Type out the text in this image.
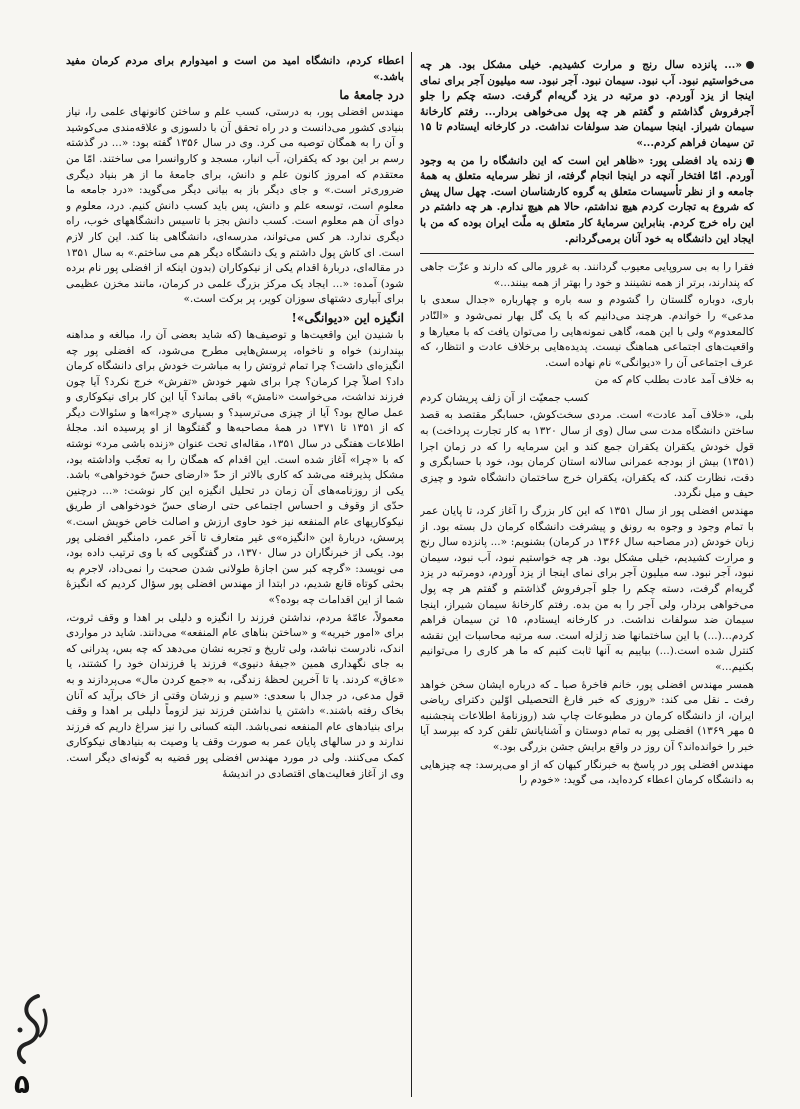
«... پانزده سال رنج و مرارت کشیدیم. خیلی مشکل بود. هر چه می‌خواستیم نبود. آب نبود. سیمان نبود. آجر نبود. سه میلیون آجر برای نمای اینجا از یزد آوردم. دو مرتبه در یزد گریه‌ام گرفت. دسته چکم را جلو آجرفروش گذاشتم و گفتم هر چه پول می‌خواهی بردار... رفتم کارخانهٔ سیمان شیراز. اینجا سیمان ضد سولفات نداشت. در کارخانه ایستادم تا ۱۵ تن سیمان فراهم کردم...»

زنده یاد افضلی پور: «ظاهر این است که این دانشگاه را من به وجود آوردم. امّا افتخار آنچه در اینجا انجام گرفته، از نظر سرمایه متعلق به همهٔ جامعه و از نظر تأسیسات متعلق به گروه کارشناسان است. چهل سال پیش که شروع به تجارت کردم هیچ نداشتم، حالا هم هیچ ندارم. هر چه داشتم در این راه خرج کردم. بنابراین سرمایهٔ کار متعلق به ملّت ایران بوده که من با ایجاد این دانشگاه به خود آنان برمی‌گردانم.

فقرا را به بی سروپایی معیوب گردانند. به غرور مالی که دارند و عزّت جاهی که پندارند، برتر از همه نشینند و خود را بهتر از همه بینند...»

باری، دوباره گلستان را گشودم و سه باره و چهارباره «جدال سعدی با مدعی» را خواندم. هرچند می‌دانیم که با یک گل بهار نمی‌شود و «النّادر کالمعدوم» ولی با این همه، گاهی نمونه‌هایی را می‌توان یافت که با معیارها و واقعیت‌های اجتماعی هماهنگ نیست. پدیده‌هایی برخلاف عادت و انتظار، که عرف اجتماعی آن را «دیوانگی» نام نهاده است.

به خلاف آمد عادت بطلب کام که من

کسب جمعیّت از آن زلف پریشان کردم

بلی، «خلاف آمد عادت» است. مردی سخت‌کوش، حسابگر مقتصد به قصد ساختن دانشگاه مدت سی سال (وی از سال ۱۳۲۰ به کار تجارت پرداخت) به قول خودش یکقران یکقران جمع کند و این سرمایه را که در زمان اجرا (۱۳۵۱) بیش از بودجه عمرانی سالانه استان کرمان بود، خود با حسابگری و دقت، نظارت کند، که یکقران، یکقران خرج ساختمان دانشگاه شود و چیزی حیف و میل نگردد.

مهندس افضلی پور از سال ۱۳۵۱ که این کار بزرگ را آغاز کرد، تا پایان عمر با تمام وجود و وجوه به رونق و پیشرفت دانشگاه کرمان دل بسته بود. از زبان خودش (در مصاحبه سال ۱۳۶۶ در کرمان) بشنویم: «... پانزده سال رنج و مرارت کشیدیم، خیلی مشکل بود. هر چه خواستیم نبود، آب نبود، سیمان نبود، آجر نبود. سه میلیون آجر برای نمای اینجا از یزد آوردم، دومرتبه در یزد گریه‌ام گرفت، دسته چکم را جلو آجرفروش گذاشتم و گفتم هر چه پول می‌خواهی بردار، ولی آجر را به من بده. رفتم کارخانهٔ سیمان شیراز، اینجا سیمان ضد سولفات نداشت. در کارخانه ایستادم، ۱۵ تن سیمان فراهم کردم...(...) با این ساختمانها ضد زلزله است. سه مرتبه محاسبات این نقشه کنترل شده است.(...) بیاییم به آنها ثابت کنیم که ما هر کاری را می‌توانیم بکنیم...»

همسر مهندس افضلی پور، خانم فاخرهٔ صبا ـ که درباره ایشان سخن خواهد رفت ـ نقل می کند: «روزی که خبر فارغ التحصیلی اوّلین دکترای ریاضی ایران، از دانشگاه کرمان در مطبوعات چاپ شد (روزنامهٔ اطلاعات پنجشنبه ۵ مهر ۱۳۶۹) افضلی پور به تمام دوستان و آشنایانش تلفن کرد که بپرسد آیا خبر را خوانده‌اند؟ آن روز در واقع برایش جشن بزرگی بود.»

مهندس افضلی پور در پاسخ به خبرنگار کیهان که از او می‌پرسد: چه چیزهایی به دانشگاه کرمان اعطاء کرده‌اید، می گوید: «خودم را

اعطاء کردم، دانشگاه امید من است و امیدوارم برای مردم کرمان مفید باشد.»

درد جامعهٔ ما

مهندس افضلی پور، به درستی، کسب علم و ساختن کانونهای علمی را، نیاز بنیادی کشور می‌دانست و در راه تحقق آن با دلسوزی و علاقه‌مندی می‌کوشید و آن را به همگان توصیه می کرد. وی در سال ۱۳۵۶ گفته بود: «... در گذشته رسم بر این بود که یکقران، آب انبار، مسجد و کاروانسرا می ساختند. امّا من معتقدم که امروز کانون علم و دانش، برای جامعهٔ ما از هر بنیاد دیگری ضروری‌تر است.» و جای دیگر باز به بیانی دیگر می‌گوید: «درد جامعه ما معلوم است، توسعه علم و دانش، پس باید کسب دانش کنیم. درد، معلوم و دوای آن هم معلوم است. کسب دانش بجز با تاسیس دانشگاههای خوب، راه دیگری ندارد. هر کس می‌تواند، مدرسه‌ای، دانشگاهی بنا کند. این کار لازم است. ای کاش پول داشتم و یک دانشگاه دیگر هم می ساختم.» به سال ۱۳۵۱ در مقاله‌ای، دربارهٔ اقدام یکی از نیکوکاران (بدون اینکه از افضلی پور نام برده شود) آمده: «... ایجاد یک مرکز بزرگ علمی در کرمان، مانند مخزن عظیمی برای آبیاری دشتهای سوزان کویر، پر برکت است.»

انگیزه این «دیوانگی»!

با شنیدن این واقعیت‌ها و توصیف‌ها (که شاید بعضی آن را، مبالغه و مداهنه بپندارند) خواه و ناخواه، پرسش‌هایی مطرح می‌شود، که افضلی پور چه انگیزه‌ای داشت؟ چرا تمام ثروتش را به مباشرت خودش برای دانشگاه کرمان داد؟ اصلاً چرا کرمان؟ چرا برای شهر خودش «تفرش» خرج نکرد؟ آیا چون فرزند نداشت، می‌خواست «نامش» باقی بماند؟ آیا این کار برای نیکوکاری و عمل صالح بود؟ آیا از چیزی می‌ترسید؟ و بسیاری «چرا»ها و سئوالات دیگر که از ۱۳۵۱ تا ۱۳۷۱ در همهٔ مصاحبه‌ها و گفتگوها از او پرسیده اند. مجلهٔ اطلاعات هفتگی در سال ۱۳۵۱، مقاله‌ای تحت عنوان «زنده باشی مرد» نوشته که با «چرا» آغاز شده است. این اقدام که همگان را به تعجّب واداشته بود، مشکل پذیرفته می‌شد که کاری بالاتر از حدّ «ارضای حسّ خودخواهی» باشد. یکی از روزنامه‌های آن زمان در تحلیل انگیزه این کار نوشت: «... درچنین حدّی از وقوف و احساس اجتماعی حتی ارضای حسّ خودخواهی از طریق نیکوکاریهای عام المنفعه نیز خود حاوی ارزش و اصالت خاص خویش است.» پرسش، دربارهٔ این «انگیزه»ی غیر متعارف تا آخر عمر، دامنگیر افضلی پور بود. یکی از خبرنگاران در سال ۱۳۷۰، در گفتگویی که با وی ترتیب داده بود، می نویسد: «گرچه کبر سن اجازهٔ طولانی شدن صحبت را نمی‌داد، لاجرم به بحثی کوتاه قانع شدیم، در ابتدا از مهندس افضلی پور سؤال کردیم که انگیزهٔ شما از این اقدامات چه بوده؟»

معمولاً، عامّهٔ مردم، نداشتن فرزند را انگیزه و دلیلی بر اهدا و وقف ثروت، برای «امور خیریه» و «ساختن بناهای عام المنفعه» می‌دانند. شاید در مواردی اندک، نادرست نباشد، ولی تاریخ و تجربه نشان می‌دهد که چه بس، پدرانی که به جای نگهداری همین «جیفهٔ دنیوی» فرزند یا فرزندان خود را کشتند، یا «عاق» کردند. یا تا آخرین لحظهٔ زندگی، به «جمع کردن مال» می‌پردازند و به قول مدعی، در جدال با سعدی: «سیم و زرشان وقتی از خاک برآید که آنان بخاک رفته باشند.» داشتن یا نداشتن فرزند نیز لزوماً دلیلی بر اهدا و وقف برای بنیادهای عام المنفعه نمی‌باشد. البته کسانی را نیز سراغ داریم که فرزند ندارند و در سالهای پایان عمر به صورت وقف یا وصیت به بنیادهای نیکوکاری کمک می‌کنند. ولی در مورد مهندس افضلی پور قضیه به گونه‌ای دیگر است. وی از آغاز فعالیت‌های اقتصادی در اندیشهٔ

۵
